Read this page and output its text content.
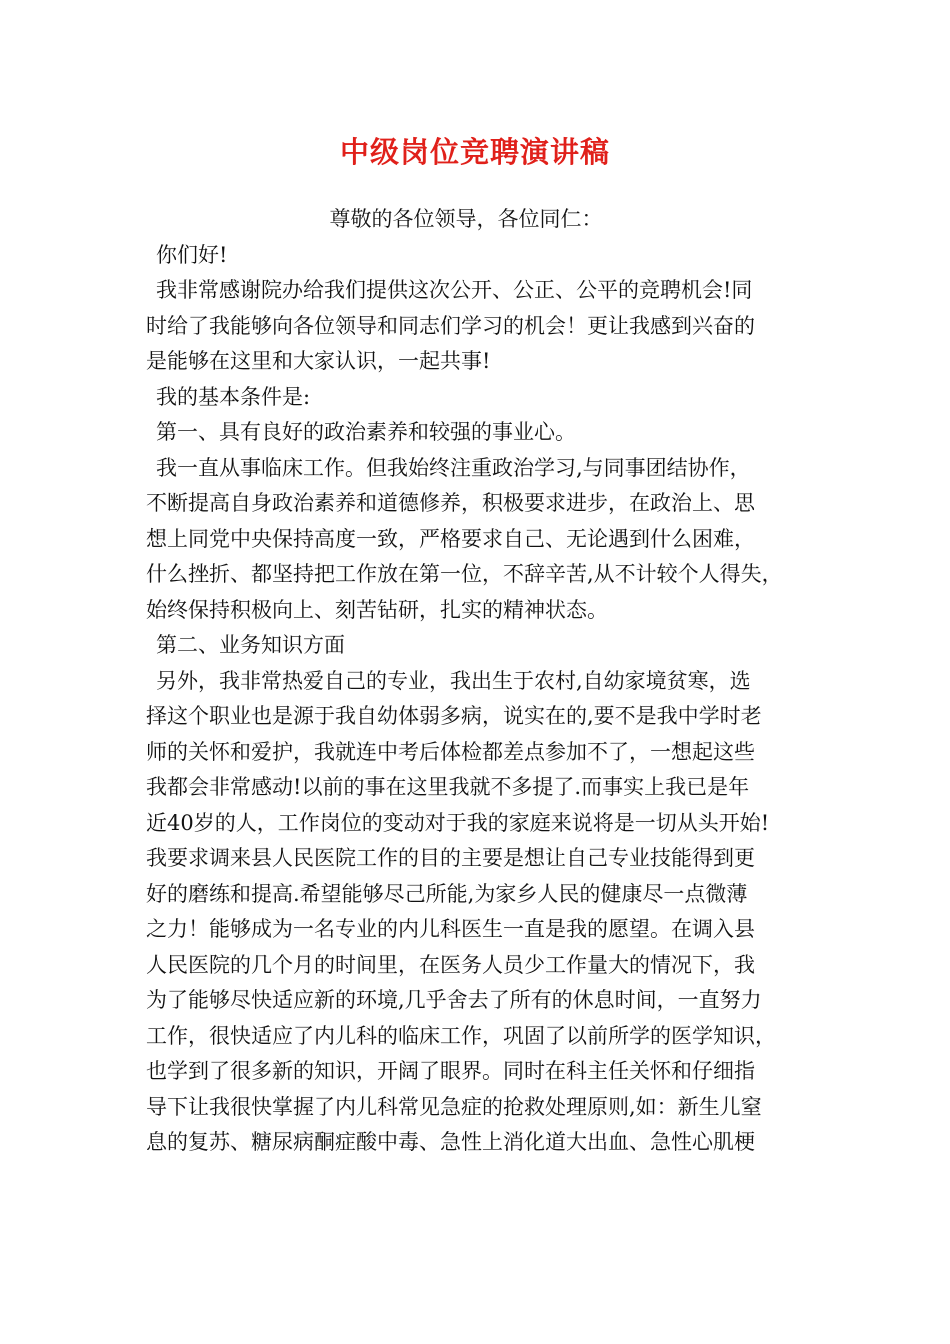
中级岗位竞聘演讲稿
尊敬的各位领导，各位同仁：
你们好!
我非常感谢院办给我们提供这次公开、公正、公平的竞聘机会!同
时给了我能够向各位领导和同志们学习的机会！更让我感到兴奋的
是能够在这里和大家认识，一起共事!
我的基本条件是:
第一、具有良好的政治素养和较强的事业心。
我一直从事临床工作。但我始终注重政治学习,与同事团结协作，
不断提高自身政治素养和道德修养，积极要求进步，在政治上、思
想上同党中央保持高度一致，严格要求自己、无论遇到什么困难，
什么挫折、都坚持把工作放在第一位，不辞辛苦,从不计较个人得失，
始终保持积极向上、刻苦钻研，扎实的精神状态。
第二、业务知识方面
另外，我非常热爱自己的专业，我出生于农村,自幼家境贫寒，选
择这个职业也是源于我自幼体弱多病，说实在的,要不是我中学时老
师的关怀和爱护，我就连中考后体检都差点参加不了，一想起这些
我都会非常感动!以前的事在这里我就不多提了.而事实上我已是年
近40岁的人，工作岗位的变动对于我的家庭来说将是一切从头开始!
我要求调来县人民医院工作的目的主要是想让自己专业技能得到更
好的磨练和提高.希望能够尽己所能,为家乡人民的健康尽一点微薄
之力！能够成为一名专业的内儿科医生一直是我的愿望。在调入县
人民医院的几个月的时间里，在医务人员少工作量大的情况下，我
为了能够尽快适应新的环境,几乎舍去了所有的休息时间，一直努力
工作，很快适应了内儿科的临床工作，巩固了以前所学的医学知识，
也学到了很多新的知识，开阔了眼界。同时在科主任关怀和仔细指
导下让我很快掌握了内儿科常见急症的抢救处理原则,如：新生儿窒
息的复苏、糖尿病酮症酸中毒、急性上消化道大出血、急性心肌梗
